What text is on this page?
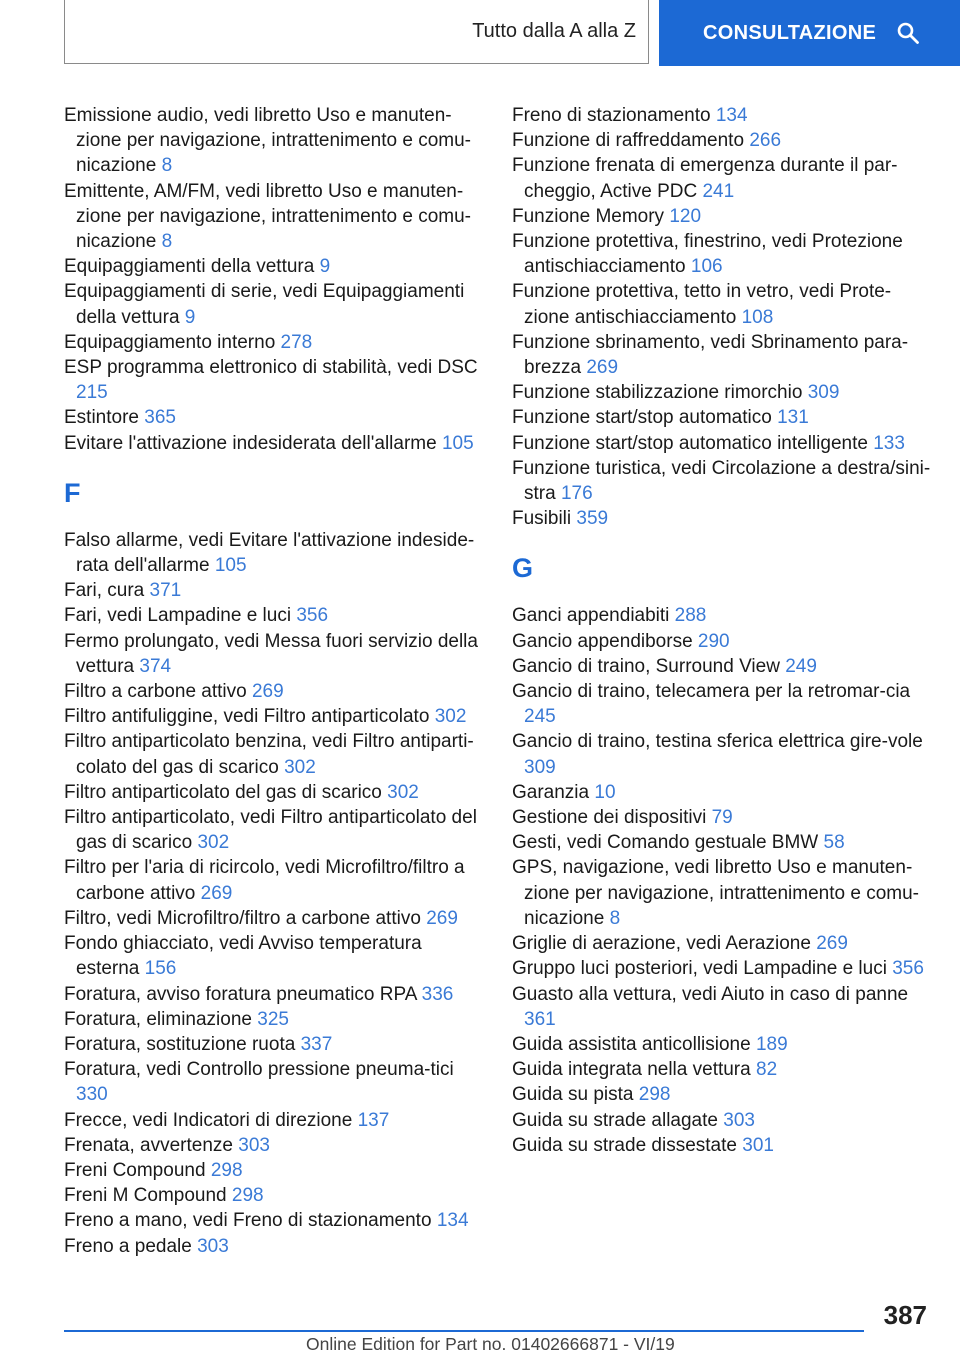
Tutto dalla A alla Z	CONSULTAZIONE
Emissione audio, vedi libretto Uso e manuten-zione per navigazione, intrattenimento e comu-nicazione 8
Emittente, AM/FM, vedi libretto Uso e manuten-zione per navigazione, intrattenimento e comu-nicazione 8
Equipaggiamenti della vettura 9
Equipaggiamenti di serie, vedi Equipaggiamenti della vettura 9
Equipaggiamento interno 278
ESP programma elettronico di stabilità, vedi DSC 215
Estintore 365
Evitare l'attivazione indesiderata dell'allarme 105
F
Falso allarme, vedi Evitare l'attivazione indeside-rata dell'allarme 105
Fari, cura 371
Fari, vedi Lampadine e luci 356
Fermo prolungato, vedi Messa fuori servizio della vettura 374
Filtro a carbone attivo 269
Filtro antifuliggine, vedi Filtro antiparticolato 302
Filtro antiparticolato benzina, vedi Filtro antiparti-colato del gas di scarico 302
Filtro antiparticolato del gas di scarico 302
Filtro antiparticolato, vedi Filtro antiparticolato del gas di scarico 302
Filtro per l'aria di ricircolo, vedi Microfiltro/filtro a carbone attivo 269
Filtro, vedi Microfiltro/filtro a carbone attivo 269
Fondo ghiacciato, vedi Avviso temperatura esterna 156
Foratura, avviso foratura pneumatico RPA 336
Foratura, eliminazione 325
Foratura, sostituzione ruota 337
Foratura, vedi Controllo pressione pneuma-tici 330
Frecce, vedi Indicatori di direzione 137
Frenata, avvertenze 303
Freni Compound 298
Freni M Compound 298
Freno a mano, vedi Freno di stazionamento 134
Freno a pedale 303
Freno di stazionamento 134
Funzione di raffreddamento 266
Funzione frenata di emergenza durante il par-cheggio, Active PDC 241
Funzione Memory 120
Funzione protettiva, finestrino, vedi Protezione antischiacciamento 106
Funzione protettiva, tetto in vetro, vedi Prote-zione antischiacciamento 108
Funzione sbrinamento, vedi Sbrinamento para-brezza 269
Funzione stabilizzazione rimorchio 309
Funzione start/stop automatico 131
Funzione start/stop automatico intelligente 133
Funzione turistica, vedi Circolazione a destra/sini-stra 176
Fusibili 359
G
Ganci appendiabiti 288
Gancio appendiborse 290
Gancio di traino, Surround View 249
Gancio di traino, telecamera per la retromar-cia 245
Gancio di traino, testina sferica elettrica gire-vole 309
Garanzia 10
Gestione dei dispositivi 79
Gesti, vedi Comando gestuale BMW 58
GPS, navigazione, vedi libretto Uso e manuten-zione per navigazione, intrattenimento e comu-nicazione 8
Griglie di aerazione, vedi Aerazione 269
Gruppo luci posteriori, vedi Lampadine e luci 356
Guasto alla vettura, vedi Aiuto in caso di panne 361
Guida assistita anticollisione 189
Guida integrata nella vettura 82
Guida su pista 298
Guida su strade allagate 303
Guida su strade dissestate 301
387
Online Edition for Part no. 01402666871 - VI/19
